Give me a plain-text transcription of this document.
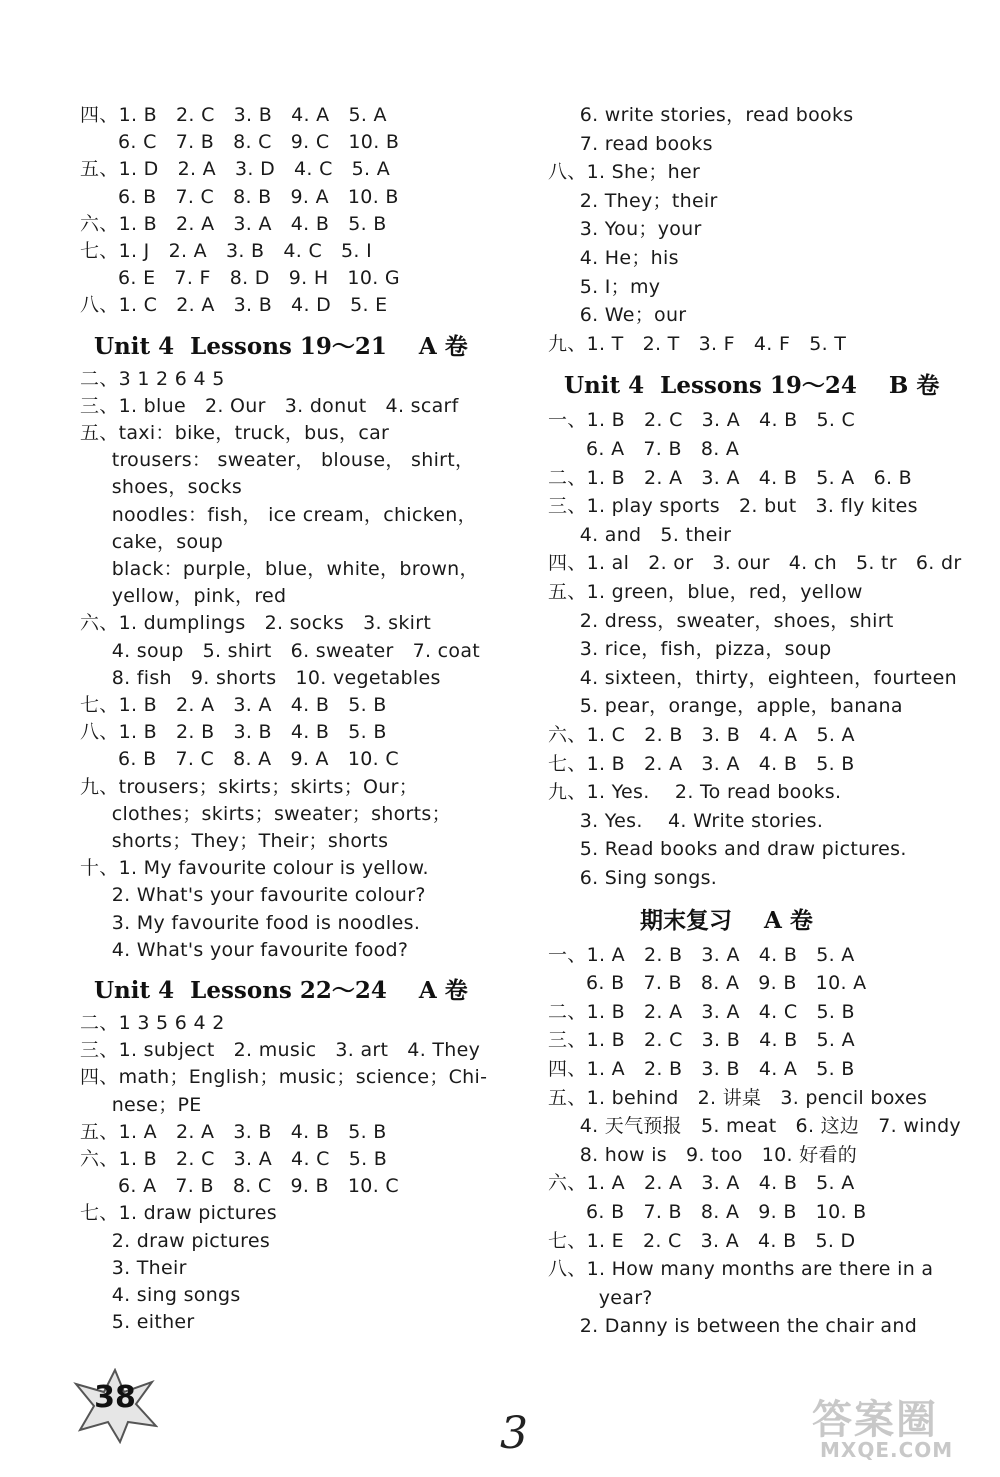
四、1. B   2. C   3. B   4. A   5. A
6. C   7. B   8. C   9. C   10. B
五、1. D   2. A   3. D   4. C   5. A
6. B   7. C   8. B   9. A   10. B
六、1. B   2. A   3. A   4. B   5. B
七、1. J   2. A   3. B   4. C   5. I
6. E   7. F   8. D   9. H   10. G
八、1. C   2. A   3. B   4. D   5. E
Unit 4  Lessons 19～21    A 卷
二、3 1 2 6 4 5
三、1. blue   2. Our   3. donut   4. scarf
五、taxi：bike，truck，bus，car
trousers： sweater， blouse， shirt，
shoes，socks
noodles：fish， ice cream，chicken，
cake，soup
black：purple，blue，white，brown，
yellow，pink，red
六、1. dumplings   2. socks   3. skirt
4. soup   5. shirt   6. sweater   7. coat
8. fish   9. shorts   10. vegetables
七、1. B   2. A   3. A   4. B   5. B
八、1. B   2. B   3. B   4. B   5. B
6. B   7. C   8. A   9. A   10. C
九、trousers；skirts；skirts；Our；
clothes；skirts；sweater；shorts；
shorts；They；Their；shorts
十、1. My favourite colour is yellow.
2. What's your favourite colour?
3. My favourite food is noodles.
4. What's your favourite food?
Unit 4  Lessons 22～24    A 卷
二、1 3 5 6 4 2
三、1. subject   2. music   3. art   4. They
四、math；English；music；science；Chi-
nese；PE
五、1. A   2. A   3. B   4. B   5. B
六、1. B   2. C   3. A   4. C   5. B
6. A   7. B   8. C   9. B   10. C
七、1. draw pictures
2. draw pictures
3. Their
4. sing songs
5. either
6. write stories，read books
7. read books
八、1. She；her
2. They；their
3. You；your
4. He；his
5. I；my
6. We；our
九、1. T   2. T   3. F   4. F   5. T
Unit 4  Lessons 19～24    B 卷
一、1. B   2. C   3. A   4. B   5. C
6. A   7. B   8. A
二、1. B   2. A   3. A   4. B   5. A   6. B
三、1. play sports   2. but   3. fly kites
4. and   5. their
四、1. al   2. or   3. our   4. ch   5. tr   6. dr
五、1. green，blue，red，yellow
2. dress，sweater，shoes，shirt
3. rice，fish，pizza，soup
4. sixteen，thirty，eighteen，fourteen
5. pear，orange，apple，banana
六、1. C   2. B   3. B   4. A   5. A
七、1. B   2. A   3. A   4. B   5. B
九、1. Yes.    2. To read books.
3. Yes.    4. Write stories.
5. Read books and draw pictures.
6. Sing songs.
期末复习    A 卷
一、1. A   2. B   3. A   4. B   5. A
6. B   7. B   8. A   9. B   10. A
二、1. B   2. A   3. A   4. C   5. B
三、1. B   2. C   3. B   4. B   5. A
四、1. A   2. B   3. B   4. A   5. B
五、1. behind   2. 讲桌   3. pencil boxes
4. 天气预报   5. meat   6. 这边   7. windy
8. how is   9. too   10. 好看的
六、1. A   2. A   3. A   4. B   5. A
6. B   7. B   8. A   9. B   10. B
七、1. E   2. C   3. A   4. B   5. D
八、1. How many months are there in a
year?
2. Danny is between the chair and
38
3	答案圈
MXQE.COM
